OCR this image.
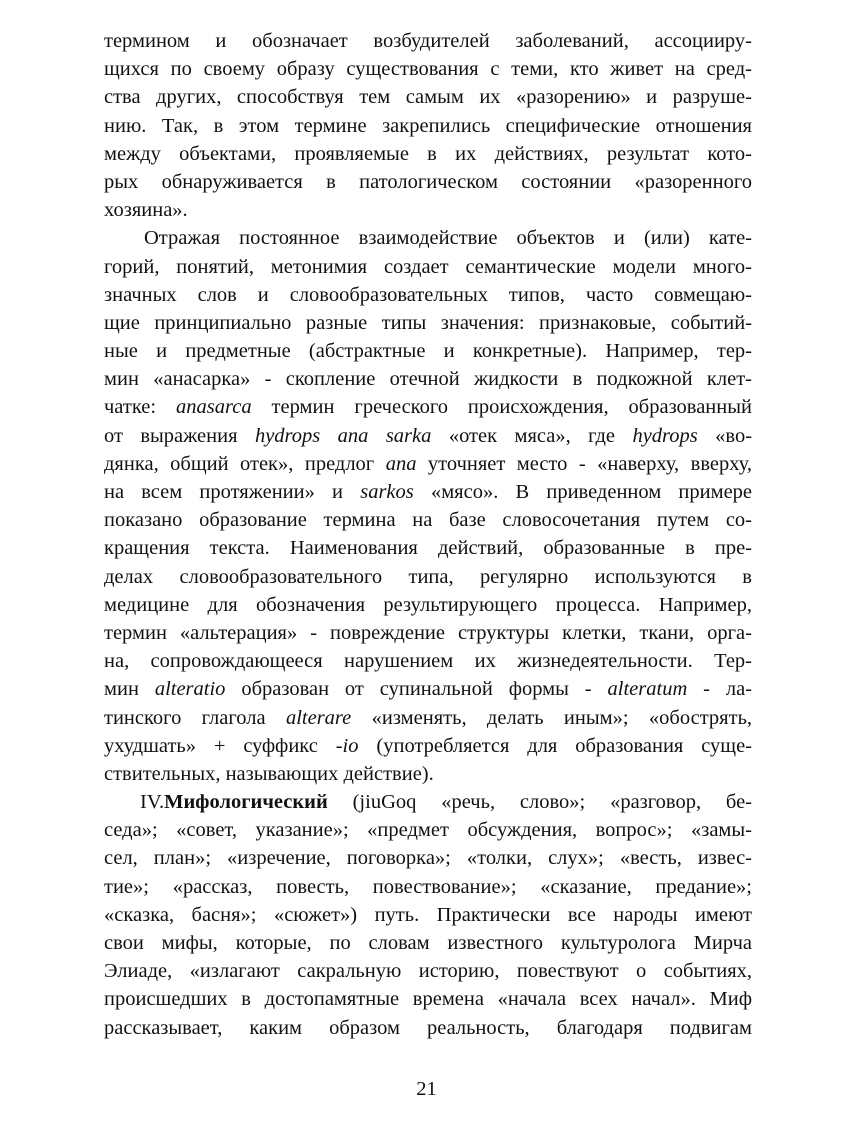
термином и обозначает возбудителей заболеваний, ассоцииру-
щихся по своему образу существования с теми, кто живет на сред-
ства других, способствуя тем самым их «разорению» и разруше-
нию. Так, в этом термине закрепились специфические отношения
между объектами, проявляемые в их действиях, результат кото-
рых обнаруживается в патологическом состоянии «разоренного
хозяина».
Отражая постоянное взаимодействие объектов и (или) кате-
горий, понятий, метонимия создает семантические модели много-
значных слов и словообразовательных типов, часто совмещаю-
щие принципиально разные типы значения: признаковые, событий-
ные и предметные (абстрактные и конкретные). Например, тер-
мин «анасарка» - скопление отечной жидкости в подкожной клет-
чатке: anasarca термин греческого происхождения, образованный
от выражения hydrops ana sarka «отек мяса», где hydrops «во-
дянка, общий отек», предлог ana уточняет место - «наверху, вверху,
на всем протяжении» и sarkos «мясо». В приведенном примере
показано образование термина на базе словосочетания путем со-
кращения текста. Наименования действий, образованные в пре-
делах словообразовательного типа, регулярно используются в
медицине для обозначения результирующего процесса. Например,
термин «альтерация» - повреждение структуры клетки, ткани, орга-
на, сопровождающееся нарушением их жизнедеятельности. Тер-
мин alteratio образован от супинальной формы - alteratum - ла-
тинского глагола alterare «изменять, делать иным»; «обострять,
ухудшать» + суффикс -io (употребляется для образования суще-
ствительных, называющих действие).
IV.Мифологический (jiuGoq «речь, слово»; «разговор, бе-
седа»; «совет, указание»; «предмет обсуждения, вопрос»; «замы-
сел, план»; «изречение, поговорка»; «толки, слух»; «весть, извес-
тие»; «рассказ, повесть, повествование»; «сказание, предание»;
«сказка, басня»; «сюжет») путь. Практически все народы имеют
свои мифы, которые, по словам известного культуролога Мирча
Элиаде, «излагают сакральную историю, повествуют о событиях,
происшедших в достопамятные времена «начала всех начал». Миф
рассказывает, каким образом реальность, благодаря подвигам
21
